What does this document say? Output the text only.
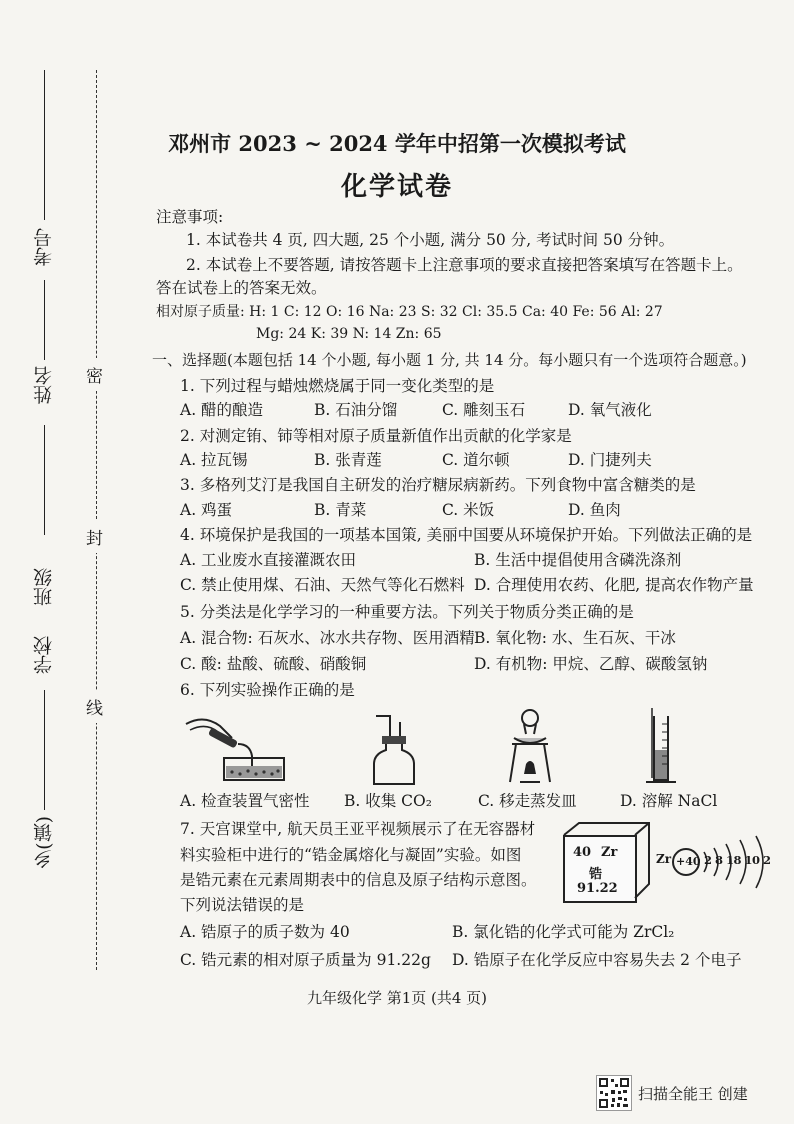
考号
姓名
班级
学校
乡(镇)
密
封
线
邓州市 2023 ~ 2024 学年中招第一次模拟考试
化学试卷
注意事项:
1. 本试卷共 4 页, 四大题, 25 个小题, 满分 50 分, 考试时间 50 分钟。
2. 本试卷上不要答题, 请按答题卡上注意事项的要求直接把答案填写在答题卡上。
答在试卷上的答案无效。
相对原子质量: H: 1 C: 12 O: 16 Na: 23 S: 32 Cl: 35.5 Ca: 40 Fe: 56 Al: 27
Mg: 24 K: 39 N: 14 Zn: 65
一、选择题(本题包括 14 个小题, 每小题 1 分, 共 14 分。每小题只有一个选项符合题意。)
1. 下列过程与蜡烛燃烧属于同一变化类型的是
A. 醋的酿造	B. 石油分馏	C. 雕刻玉石	D. 氧气液化
2. 对测定铕、铈等相对原子质量新值作出贡献的化学家是
A. 拉瓦锡	B. 张青莲	C. 道尔顿	D. 门捷列夫
3. 多格列艾汀是我国自主研发的治疗糖尿病新药。下列食物中富含糖类的是
A. 鸡蛋	B. 青菜	C. 米饭	D. 鱼肉
4. 环境保护是我国的一项基本国策, 美丽中国要从环境保护开始。下列做法正确的是
A. 工业废水直接灌溉农田	B. 生活中提倡使用含磷洗涤剂
C. 禁止使用煤、石油、天然气等化石燃料 D. 合理使用农药、化肥, 提高农作物产量
5. 分类法是化学学习的一种重要方法。下列关于物质分类正确的是
A. 混合物: 石灰水、冰水共存物、医用酒精 B. 氧化物: 水、生石灰、干冰
C. 酸: 盐酸、硫酸、硝酸铜	D. 有机物: 甲烷、乙醇、碳酸氢钠
6. 下列实验操作正确的是
A. 检查装置气密性 B. 收集 CO₂	C. 移走蒸发皿	D. 溶解 NaCl
7. 天宫课堂中, 航天员王亚平视频展示了在无容器材
料实验柜中进行的“锆金属熔化与凝固”实验。如图
是锆元素在元素周期表中的信息及原子结构示意图。
下列说法错误的是
40 Zr
锆
91.22
Zr +40 2 8 18 10 2
A. 锆原子的质子数为 40	B. 氯化锆的化学式可能为 ZrCl₂
C. 锆元素的相对原子质量为 91.22g D. 锆原子在化学反应中容易失去 2 个电子
九年级化学 第1页 (共4 页)
扫描全能王 创建
